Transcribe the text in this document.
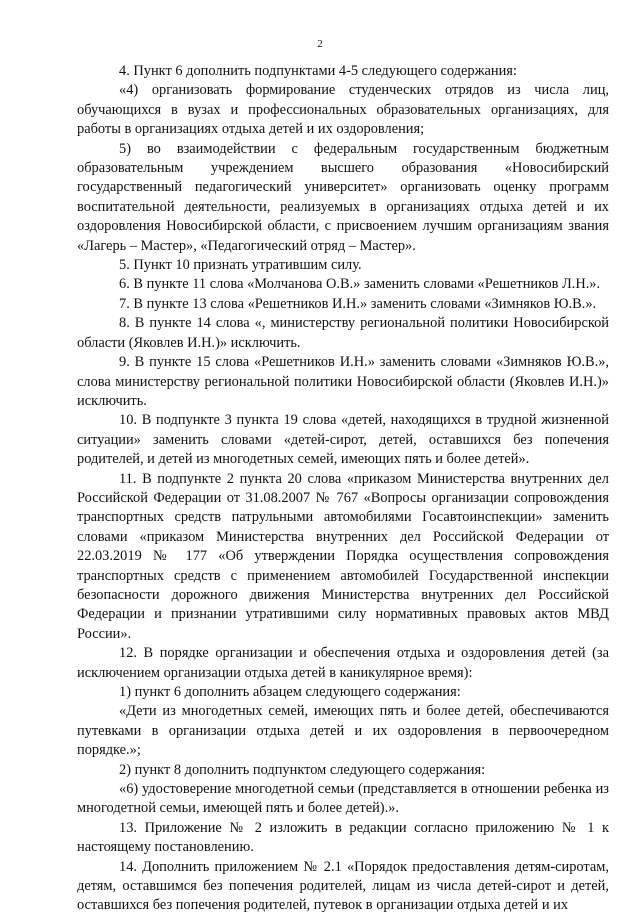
2

4. Пункт 6 дополнить подпунктами 4-5 следующего содержания:

«4) организовать формирование студенческих отрядов из числа лиц, обучающихся в вузах и профессиональных образовательных организациях, для работы в организациях отдыха детей и их оздоровления;

5) во взаимодействии с федеральным государственным бюджетным образовательным учреждением высшего образования «Новосибирский государственный педагогический университет» организовать оценку программ воспитательной деятельности, реализуемых в организациях отдыха детей и их оздоровления Новосибирской области, с присвоением лучшим организациям звания «Лагерь – Мастер», «Педагогический отряд – Мастер».

5. Пункт 10 признать утратившим силу.

6. В пункте 11 слова «Молчанова О.В.» заменить словами «Решетников Л.Н.».

7. В пункте 13 слова «Решетников И.Н.» заменить словами «Зимняков Ю.В.».

8. В пункте 14 слова «, министерству региональной политики Новосибирской области (Яковлев И.Н.)» исключить.

9. В пункте 15 слова «Решетников И.Н.» заменить словами «Зимняков Ю.В.», слова министерству региональной политики Новосибирской области (Яковлев И.Н.)» исключить.

10. В подпункте 3 пункта 19 слова «детей, находящихся в трудной жизненной ситуации» заменить словами «детей-сирот, детей, оставшихся без попечения родителей, и детей из многодетных семей, имеющих пять и более детей».

11. В подпункте 2 пункта 20 слова «приказом Министерства внутренних дел Российской Федерации от 31.08.2007 № 767 «Вопросы организации сопровождения транспортных средств патрульными автомобилями Госавтоинспекции» заменить словами «приказом Министерства внутренних дел Российской Федерации от 22.03.2019 № 177 «Об утверждении Порядка осуществления сопровождения транспортных средств с применением автомобилей Государственной инспекции безопасности дорожного движения Министерства внутренних дел Российской Федерации и признании утратившими силу нормативных правовых актов МВД России».

12. В порядке организации и обеспечения отдыха и оздоровления детей (за исключением организации отдыха детей в каникулярное время):

1) пункт 6 дополнить абзацем следующего содержания:

«Дети из многодетных семей, имеющих пять и более детей, обеспечиваются путевками в организации отдыха детей и их оздоровления в первоочередном порядке.»;

2) пункт 8 дополнить подпунктом следующего содержания:

«6) удостоверение многодетной семьи (представляется в отношении ребенка из многодетной семьи, имеющей пять и более детей).».

13. Приложение № 2 изложить в редакции согласно приложению № 1 к настоящему постановлению.

14. Дополнить приложением № 2.1 «Порядок предоставления детям-сиротам, детям, оставшимся без попечения родителей, лицам из числа детей-сирот и детей, оставшихся без попечения родителей, путевок в организации отдыха детей и их
